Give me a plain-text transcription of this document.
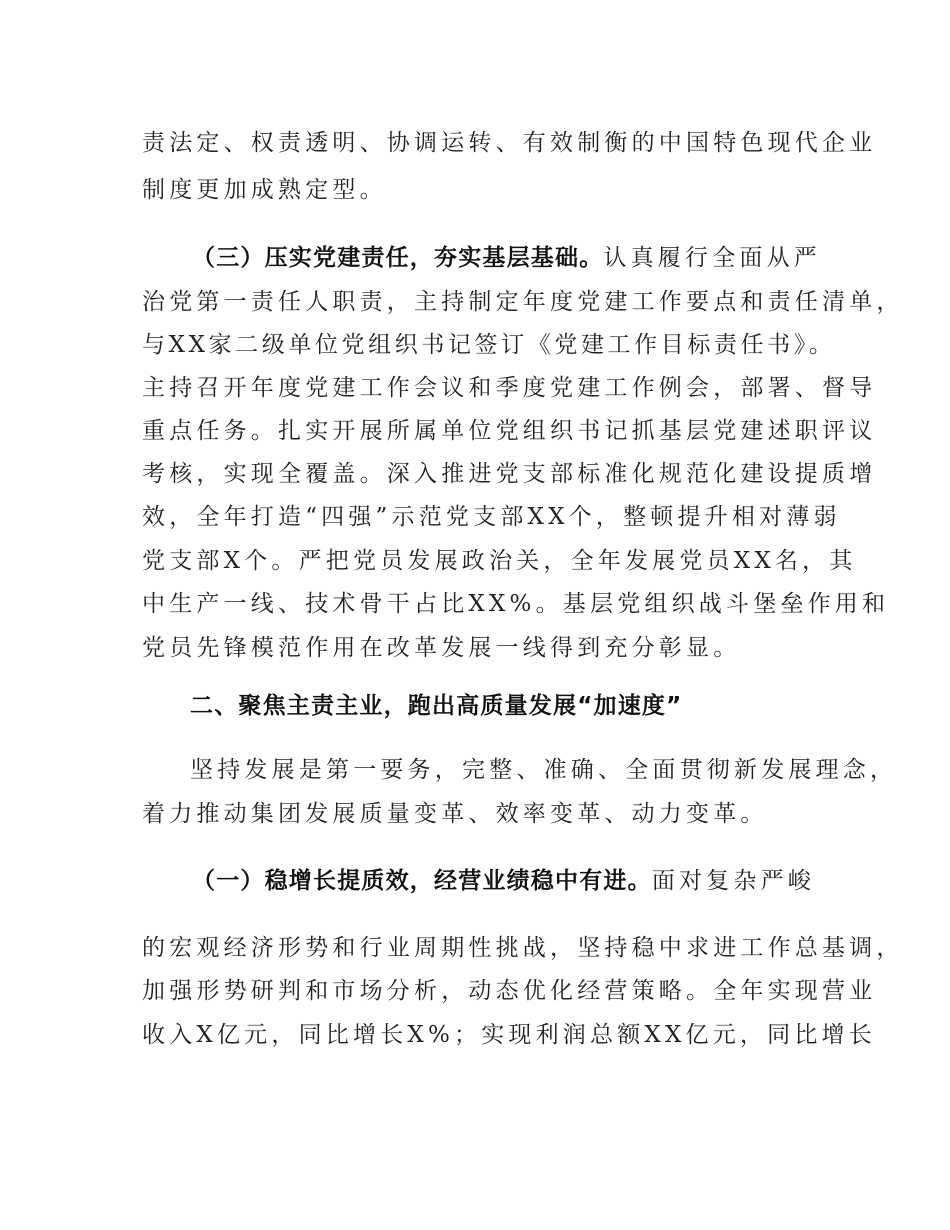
责法定、权责透明、协调运转、有效制衡的中国特色现代企业
制度更加成熟定型。
（三）压实党建责任，夯实基层基础。认真履行全面从严
治党第一责任人职责，主持制定年度党建工作要点和责任清单，
与XX家二级单位党组织书记签订《党建工作目标责任书》。
主持召开年度党建工作会议和季度党建工作例会，部署、督导
重点任务。扎实开展所属单位党组织书记抓基层党建述职评议
考核，实现全覆盖。深入推进党支部标准化规范化建设提质增
效，全年打造“四强”示范党支部XX个，整顿提升相对薄弱
党支部X个。严把党员发展政治关，全年发展党员XX名，其
中生产一线、技术骨干占比XX%。基层党组织战斗堡垒作用和
党员先锋模范作用在改革发展一线得到充分彰显。
二、聚焦主责主业，跑出高质量发展“加速度”
坚持发展是第一要务，完整、准确、全面贯彻新发展理念，
着力推动集团发展质量变革、效率变革、动力变革。
（一）稳增长提质效，经营业绩稳中有进。面对复杂严峻
的宏观经济形势和行业周期性挑战，坚持稳中求进工作总基调，
加强形势研判和市场分析，动态优化经营策略。全年实现营业
收入X亿元，同比增长X%；实现利润总额XX亿元，同比增长
